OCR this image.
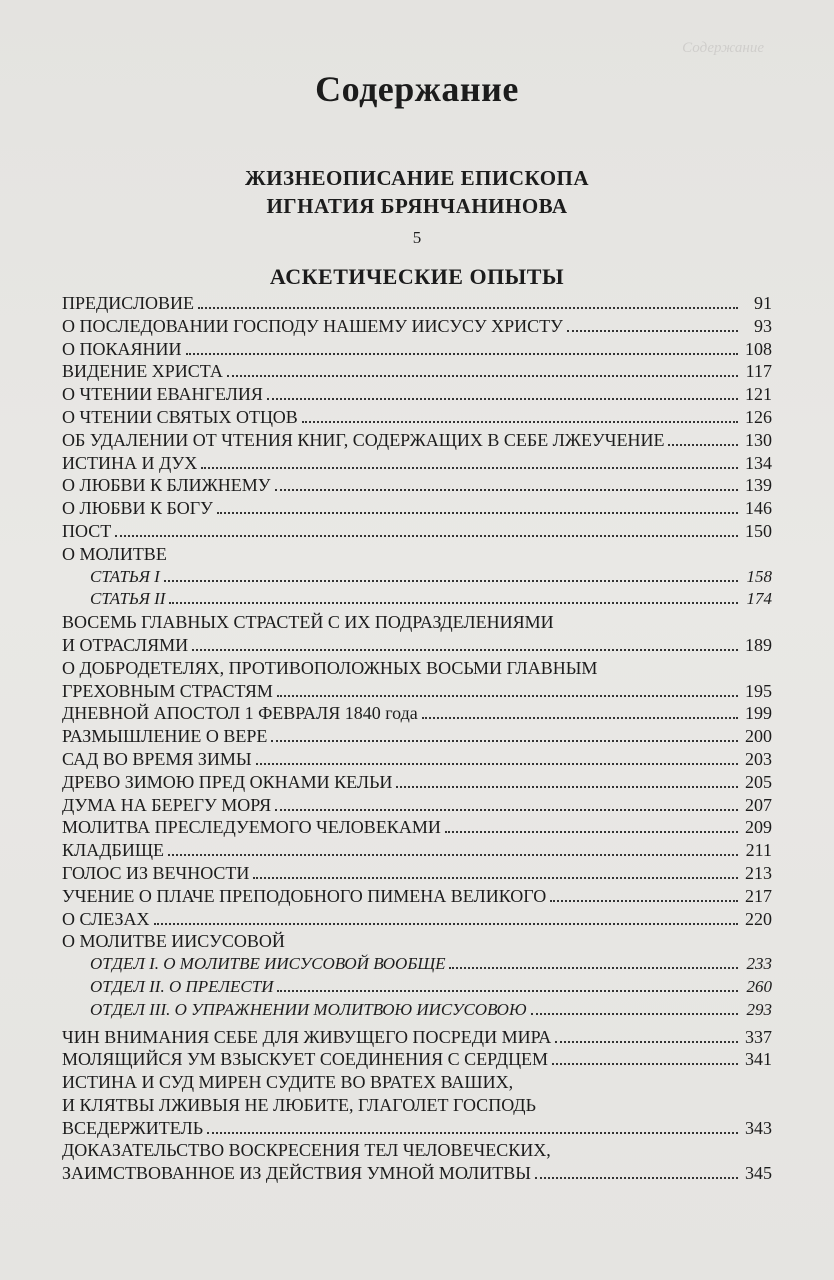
Содержание
Содержание
ЖИЗНЕОПИСАНИЕ ЕПИСКОПА
ИГНАТИЯ БРЯНЧАНИНОВА
5
АСКЕТИЧЕСКИЕ ОПЫТЫ
ПРЕДИСЛОВИЕ	91
О ПОСЛЕДОВАНИИ ГОСПОДУ НАШЕМУ ИИСУСУ ХРИСТУ	93
О ПОКАЯНИИ	108
ВИДЕНИЕ ХРИСТА	117
О ЧТЕНИИ ЕВАНГЕЛИЯ	121
О ЧТЕНИИ СВЯТЫХ ОТЦОВ	126
ОБ УДАЛЕНИИ ОТ ЧТЕНИЯ КНИГ, СОДЕРЖАЩИХ В СЕБЕ ЛЖЕУЧЕНИЕ	130
ИСТИНА И ДУХ	134
О ЛЮБВИ К БЛИЖНЕМУ	139
О ЛЮБВИ К БОГУ	146
ПОСТ	150
О МОЛИТВЕ
СТАТЬЯ I	158
СТАТЬЯ II	174
ВОСЕМЬ ГЛАВНЫХ СТРАСТЕЙ С ИХ ПОДРАЗДЕЛЕНИЯМИ
И ОТРАСЛЯМИ	189
О ДОБРОДЕТЕЛЯХ, ПРОТИВОПОЛОЖНЫХ ВОСЬМИ ГЛАВНЫМ
ГРЕХОВНЫМ СТРАСТЯМ	195
ДНЕВНОЙ АПОСТОЛ 1 ФЕВРАЛЯ 1840 года	199
РАЗМЫШЛЕНИЕ О ВЕРЕ	200
САД ВО ВРЕМЯ ЗИМЫ	203
ДРЕВО ЗИМОЮ ПРЕД ОКНАМИ КЕЛЬИ	205
ДУМА НА БЕРЕГУ МОРЯ	207
МОЛИТВА ПРЕСЛЕДУЕМОГО ЧЕЛОВЕКАМИ	209
КЛАДБИЩЕ	211
ГОЛОС ИЗ ВЕЧНОСТИ	213
УЧЕНИЕ О ПЛАЧЕ ПРЕПОДОБНОГО ПИМЕНА ВЕЛИКОГО	217
О СЛЕЗАХ	220
О МОЛИТВЕ ИИСУСОВОЙ
ОТДЕЛ I. О МОЛИТВЕ ИИСУСОВОЙ ВООБЩЕ	233
ОТДЕЛ II. О ПРЕЛЕСТИ	260
ОТДЕЛ III. О УПРАЖНЕНИИ МОЛИТВОЮ ИИСУСОВОЮ	293
ЧИН ВНИМАНИЯ СЕБЕ ДЛЯ ЖИВУЩЕГО ПОСРЕДИ МИРА	337
МОЛЯЩИЙСЯ УМ ВЗЫСКУЕТ СОЕДИНЕНИЯ С СЕРДЦЕМ	341
ИСТИНА И СУД МИРЕН СУДИТЕ ВО ВРАТЕХ ВАШИХ,
И КЛЯТВЫ ЛЖИВЫЯ НЕ ЛЮБИТЕ, ГЛАГОЛЕТ ГОСПОДЬ
ВСЕДЕРЖИТЕЛЬ	343
ДОКАЗАТЕЛЬСТВО ВОСКРЕСЕНИЯ ТЕЛ ЧЕЛОВЕЧЕСКИХ,
ЗАИМСТВОВАННОЕ ИЗ ДЕЙСТВИЯ УМНОЙ МОЛИТВЫ	345
